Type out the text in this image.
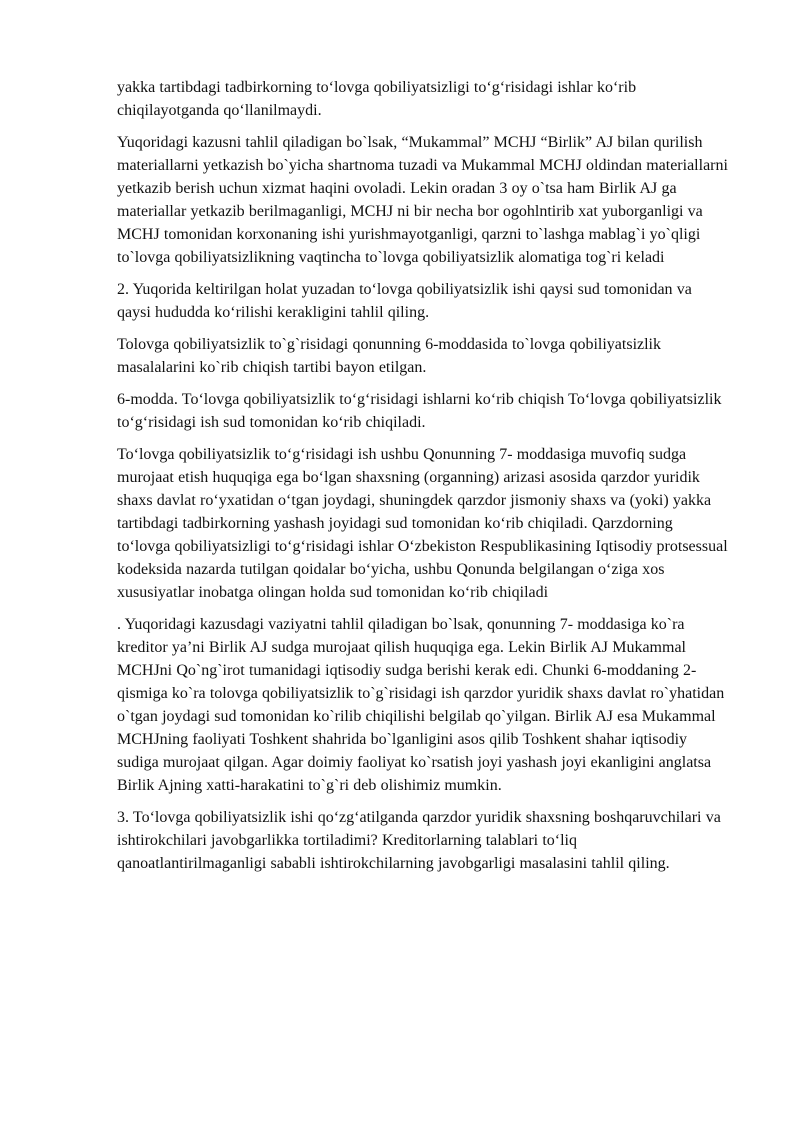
yakka tartibdagi tadbirkorning to‘lovga qobiliyatsizligi to‘g‘risidagi ishlar ko‘rib chiqilayotganda qo‘llanilmaydi.

Yuqoridagi kazusni tahlil qiladigan bo`lsak, “Mukammal” MCHJ “Birlik” AJ bilan qurilish materiallarni yetkazish bo`yicha shartnoma tuzadi va Mukammal MCHJ oldindan materiallarni yetkazib berish uchun xizmat haqini ovoladi. Lekin oradan 3 oy o`tsa ham Birlik AJ ga materiallar yetkazib berilmaganligi, MCHJ ni bir necha bor ogohlntirib xat yuborganligi va MCHJ tomonidan korxonaning ishi yurishmayotganligi, qarzni to`lashga mablag`i yo`qligi to`lovga qobiliyatsizlikning vaqtincha to`lovga qobiliyatsizlik alomatiga tog`ri keladi

2. Yuqorida keltirilgan holat yuzadan to‘lovga qobiliyatsizlik ishi qaysi sud tomonidan va qaysi hududda ko‘rilishi kerakligini tahlil qiling.

Tolovga qobiliyatsizlik to`g`risidagi qonunning 6-moddasida to`lovga qobiliyatsizlik masalalarini ko`rib chiqish tartibi bayon etilgan.

6-modda. To‘lovga qobiliyatsizlik to‘g‘risidagi ishlarni ko‘rib chiqish To‘lovga qobiliyatsizlik to‘g‘risidagi ish sud tomonidan ko‘rib chiqiladi.

To‘lovga qobiliyatsizlik to‘g‘risidagi ish ushbu Qonunning 7- moddasiga muvofiq sudga murojaat etish huquqiga ega bo‘lgan shaxsning (organning) arizasi asosida qarzdor yuridik shaxs davlat ro‘yxatidan o‘tgan joydagi, shuningdek qarzdor jismoniy shaxs va (yoki) yakka tartibdagi tadbirkorning yashash joyidagi sud tomonidan ko‘rib chiqiladi. Qarzdorning to‘lovga qobiliyatsizligi to‘g‘risidagi ishlar O‘zbekiston Respublikasining Iqtisodiy protsessual kodeksida nazarda tutilgan qoidalar bo‘yicha, ushbu Qonunda belgilangan o‘ziga xos xususiyatlar inobatga olingan holda sud tomonidan ko‘rib chiqiladi

. Yuqoridagi kazusdagi vaziyatni tahlil qiladigan bo`lsak, qonunning 7- moddasiga ko`ra kreditor ya’ni Birlik AJ sudga murojaat qilish huquqiga ega. Lekin Birlik AJ Mukammal MCHJni Qo`ng`irot tumanidagi iqtisodiy sudga berishi kerak edi. Chunki 6-moddaning 2-qismiga ko`ra tolovga qobiliyatsizlik to`g`risidagi ish qarzdor yuridik shaxs davlat ro`yhatidan o`tgan joydagi sud tomonidan ko`rilib chiqilishi belgilab qo`yilgan. Birlik AJ esa Mukammal MCHJning faoliyati Toshkent shahrida bo`lganligini asos qilib Toshkent shahar iqtisodiy sudiga murojaat qilgan. Agar doimiy faoliyat ko`rsatish joyi yashash joyi ekanligini anglatsa Birlik Ajning xatti-harakatini to`g`ri deb olishimiz mumkin.

3. To‘lovga qobiliyatsizlik ishi qo‘zg‘atilganda qarzdor yuridik shaxsning boshqaruvchilari va ishtirokchilari javobgarlikka tortiladimi? Kreditorlarning talablari to‘liq qanoatlantirilmaganligi sababli ishtirokchilarning javobgarligi masalasini tahlil qiling.
